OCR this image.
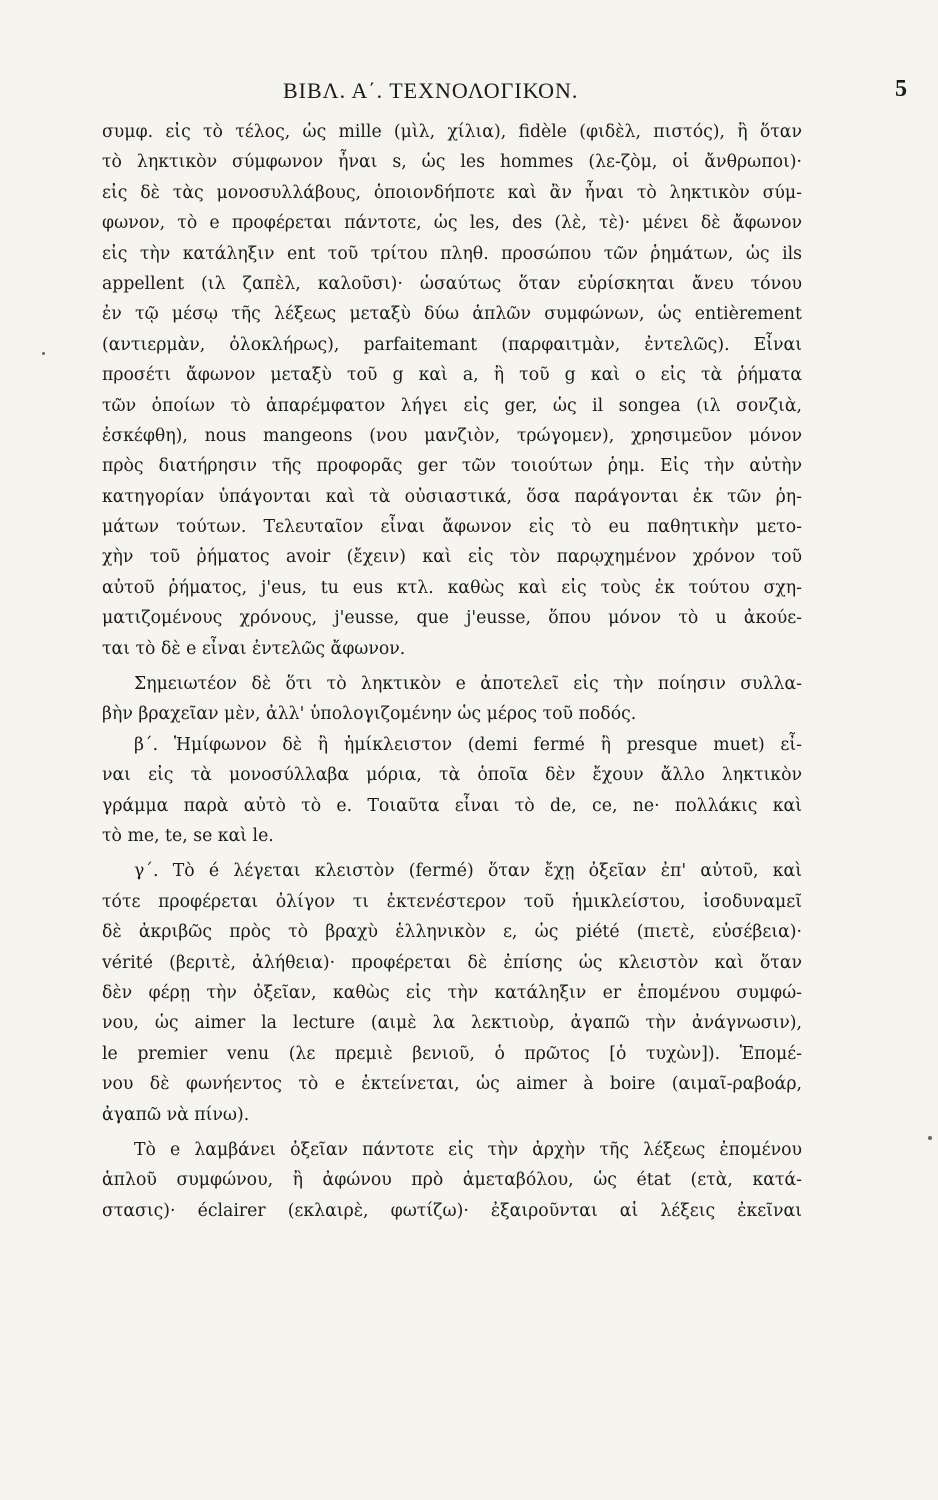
ΒΙΒΛ. Α΄. ΤΕΧΝΟΛΟΓΙΚΟΝ.	5
συμφ. εἰς τὸ τέλος, ὡς mille (μὶλ, χίλια), fidèle (φιδὲλ, πιστός), ἢ ὅταν
τὸ ληκτικὸν σύμφωνον ἦναι s, ὡς les hommes (λε-ζὸμ, οἱ ἄνθρωποι)·
εἰς δὲ τὰς μονοσυλλάβους, ὁποιονδήποτε καὶ ἂν ἦναι τὸ ληκτικὸν σύμ-
φωνον, τὸ e προφέρεται πάντοτε, ὡς les, des (λὲ, τὲ)· μένει δὲ ἄφωνον
εἰς τὴν κατάληξιν ent τοῦ τρίτου πληθ. προσώπου τῶν ῥημάτων, ὡς ils
appellent (ιλ ζαπὲλ, καλοῦσι)· ὡσαύτως ὅταν εὑρίσκηται ἄνευ τόνου
ἐν τῷ μέσῳ τῆς λέξεως μεταξὺ δύω ἁπλῶν συμφώνων, ὡς entièrement
(αντιερμὰν, ὁλοκλήρως), parfaitemant (παρφαιτμὰν, ἐντελῶς). Εἶναι
προσέτι ἄφωνον μεταξὺ τοῦ g καὶ a, ἢ τοῦ g καὶ o εἰς τὰ ῥήματα
τῶν ὁποίων τὸ ἀπαρέμφατον λήγει εἰς ger, ὡς il songea (ιλ σονζιὰ,
ἐσκέφθη), nous mangeons (νου μανζιὸν, τρώγομεν), χρησιμεῦον μόνον
πρὸς διατήρησιν τῆς προφορᾶς ger τῶν τοιούτων ῥημ. Εἰς τὴν αὐτὴν
κατηγορίαν ὑπάγονται καὶ τὰ οὐσιαστικά, ὅσα παράγονται ἐκ τῶν ῥη-
μάτων τούτων. Τελευταῖον εἶναι ἄφωνον εἰς τὸ eu παθητικὴν μετο-
χὴν τοῦ ῥήματος avoir (ἔχειν) καὶ εἰς τὸν παρῳχημένον χρόνον τοῦ
αὐτοῦ ῥήματος, j'eus, tu eus κτλ. καθὼς καὶ εἰς τοὺς ἐκ τούτου σχη-
ματιζομένους χρόνους, j'eusse, que j'eusse, ὅπου μόνον τὸ u ἀκούε-
ται τὸ δὲ e εἶναι ἐντελῶς ἄφωνον.
Σημειωτέον δὲ ὅτι τὸ ληκτικὸν e ἀποτελεῖ εἰς τὴν ποίησιν συλλα-
βὴν βραχεῖαν μὲν, ἀλλ' ὑπολογιζομένην ὡς μέρος τοῦ ποδός.
β΄. Ἡμίφωνον δὲ ἢ ἡμίκλειστον (demi fermé ἢ presque muet) εἶ-
ναι εἰς τὰ μονοσύλλαβα μόρια, τὰ ὁποῖα δὲν ἔχουν ἄλλο ληκτικὸν
γράμμα παρὰ αὐτὸ τὸ e. Τοιαῦτα εἶναι τὸ de, ce, ne· πολλάκις καὶ
τὸ me, te, se καὶ le.
γ΄. Τὸ é λέγεται κλειστὸν (fermé) ὅταν ἔχῃ ὀξεῖαν ἐπ' αὐτοῦ, καὶ
τότε προφέρεται ὀλίγον τι ἐκτενέστερον τοῦ ἡμικλείστου, ἰσοδυναμεῖ
δὲ ἀκριβῶς πρὸς τὸ βραχὺ ἑλληνικὸν ε, ὡς piété (πιετὲ, εὐσέβεια)·
vérité (βεριτὲ, ἀλήθεια)· προφέρεται δὲ ἐπίσης ὡς κλειστὸν καὶ ὅταν
δὲν φέρῃ τὴν ὀξεῖαν, καθὼς εἰς τὴν κατάληξιν er ἑπομένου συμφώ-
νου, ὡς aimer la lecture (αιμὲ λα λεκτιοὺρ, ἀγαπῶ τὴν ἀνάγνωσιν),
le premier venu (λε πρεμιὲ βενιοῦ, ὁ πρῶτος [ὁ τυχὼν]). Ἑπομέ-
νου δὲ φωνήεντος τὸ e ἐκτείνεται, ὡς aimer à boire (αιμαῖ-ραβοάρ,
ἀγαπῶ νὰ πίνω).
Τὸ e λαμβάνει ὀξεῖαν πάντοτε εἰς τὴν ἀρχὴν τῆς λέξεως ἑπομένου
ἁπλοῦ συμφώνου, ἢ ἀφώνου πρὸ ἀμεταβόλου, ὡς état (ετὰ, κατά-
στασις)· éclairer (εκλαιρὲ, φωτίζω)· ἐξαιροῦνται αἱ λέξεις ἐκεῖναι
